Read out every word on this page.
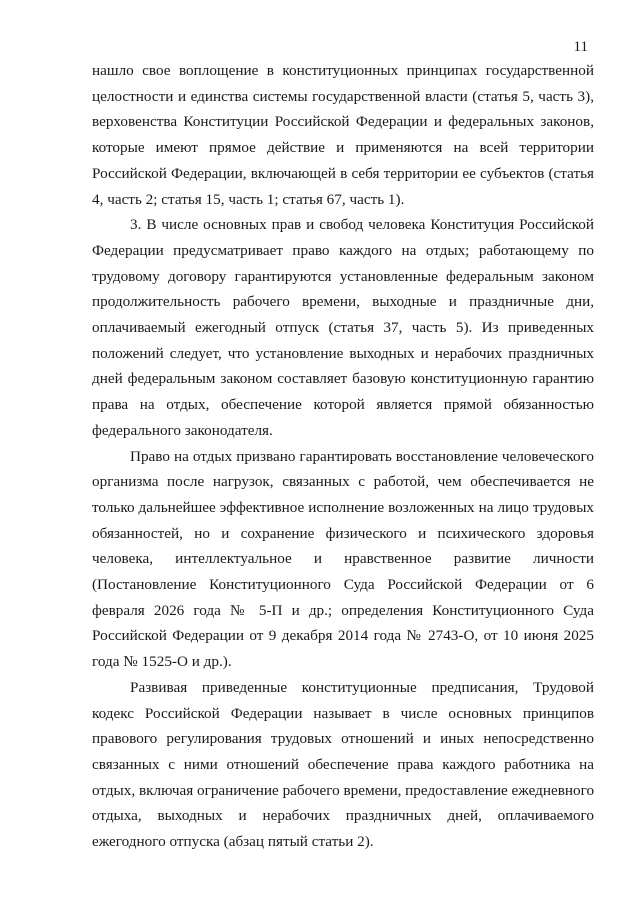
11

нашло свое воплощение в конституционных принципах государственной
целостности и единства системы государственной власти (статья 5, часть 3),
верховенства Конституции Российской Федерации и федеральных законов,
которые имеют прямое действие и применяются на всей территории
Российской Федерации, включающей в себя территории ее субъектов (статья
4, часть 2; статья 15, часть 1; статья 67, часть 1).

3. В числе основных прав и свобод человека Конституция Российской
Федерации предусматривает право каждого на отдых; работающему по
трудовому договору гарантируются установленные федеральным законом
продолжительность рабочего времени, выходные и праздничные дни,
оплачиваемый ежегодный отпуск (статья 37, часть 5). Из приведенных
положений следует, что установление выходных и нерабочих праздничных
дней федеральным законом составляет базовую конституционную гарантию
права на отдых, обеспечение которой является прямой обязанностью
федерального законодателя.

Право на отдых призвано гарантировать восстановление человеческого
организма после нагрузок, связанных с работой, чем обеспечивается не
только дальнейшее эффективное исполнение возложенных на лицо трудовых
обязанностей, но и сохранение физического и психического здоровья
человека, интеллектуальное и нравственное развитие личности
(Постановление Конституционного Суда Российской Федерации от 6
февраля 2026 года № 5-П и др.; определения Конституционного Суда
Российской Федерации от 9 декабря 2014 года № 2743-О, от 10 июня 2025
года № 1525-О и др.).

Развивая приведенные конституционные предписания, Трудовой
кодекс Российской Федерации называет в числе основных принципов
правового регулирования трудовых отношений и иных непосредственно
связанных с ними отношений обеспечение права каждого работника на
отдых, включая ограничение рабочего времени, предоставление ежедневного
отдыха, выходных и нерабочих праздничных дней, оплачиваемого
ежегодного отпуска (абзац пятый статьи 2).
